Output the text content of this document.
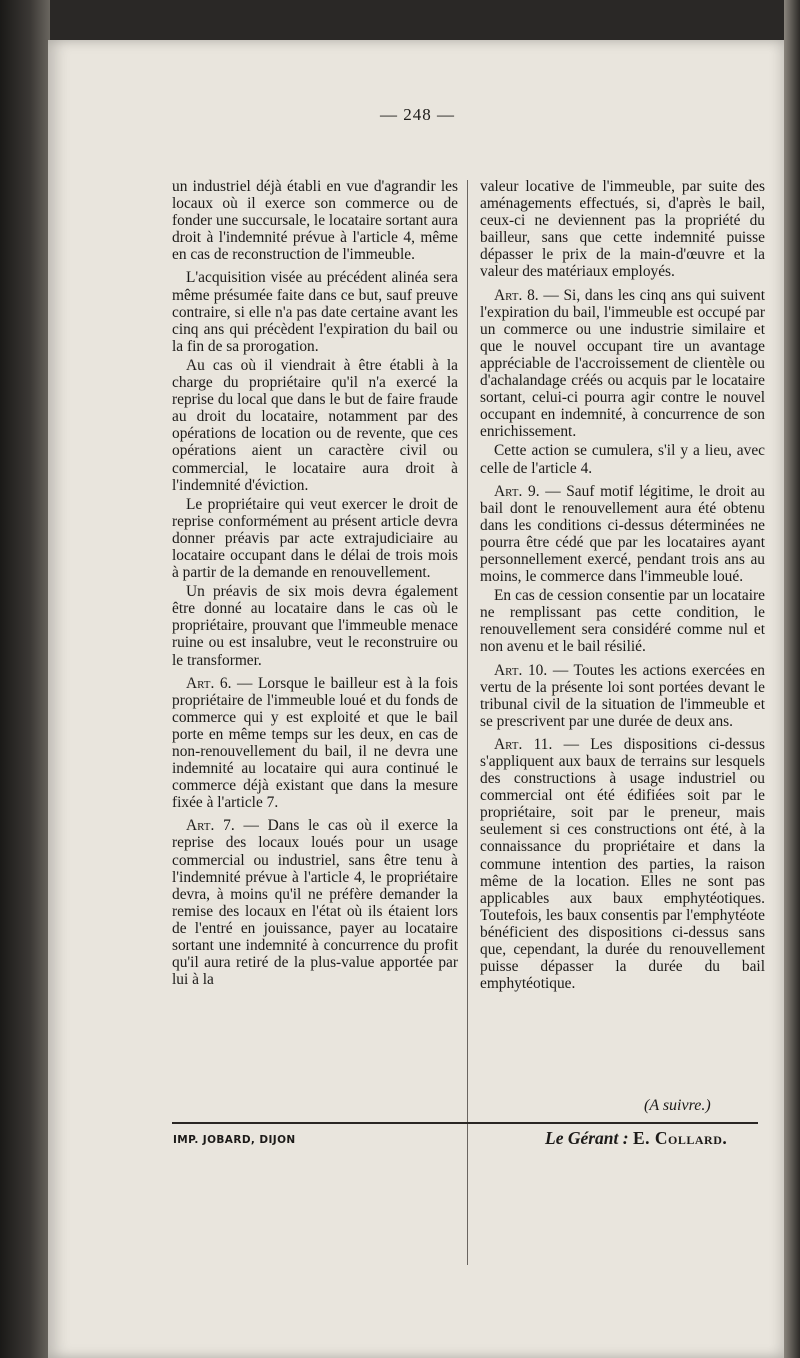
— 248 —

un industriel déjà établi en vue d'agrandir les locaux où il exerce son commerce ou de fonder une succursale, le locataire sortant aura droit à l'indemnité prévue à l'article 4, même en cas de reconstruction de l'immeuble.

L'acquisition visée au précédent alinéa sera même présumée faite dans ce but, sauf preuve contraire, si elle n'a pas date certaine avant les cinq ans qui précèdent l'expiration du bail ou la fin de sa prorogation.

Au cas où il viendrait à être établi à la charge du propriétaire qu'il n'a exercé la reprise du local que dans le but de faire fraude au droit du locataire, notamment par des opérations de location ou de revente, que ces opérations aient un caractère civil ou commercial, le locataire aura droit à l'indemnité d'éviction.

Le propriétaire qui veut exercer le droit de reprise conformément au présent article devra donner préavis par acte extrajudiciaire au locataire occupant dans le délai de trois mois à partir de la demande en renouvellement.

Un préavis de six mois devra également être donné au locataire dans le cas où le propriétaire, prouvant que l'immeuble menace ruine ou est insalubre, veut le reconstruire ou le transformer.

Art. 6. — Lorsque le bailleur est à la fois propriétaire de l'immeuble loué et du fonds de commerce qui y est exploité et que le bail porte en même temps sur les deux, en cas de non-renouvellement du bail, il ne devra une indemnité au locataire qui aura continué le commerce déjà existant que dans la mesure fixée à l'article 7.

Art. 7. — Dans le cas où il exerce la reprise des locaux loués pour un usage commercial ou industriel, sans être tenu à l'indemnité prévue à l'article 4, le propriétaire devra, à moins qu'il ne préfère demander la remise des locaux en l'état où ils étaient lors de l'entré en jouissance, payer au locataire sortant une indemnité à concurrence du profit qu'il aura retiré de la plus-value apportée par lui à la

valeur locative de l'immeuble, par suite des aménagements effectués, si, d'après le bail, ceux-ci ne deviennent pas la propriété du bailleur, sans que cette indemnité puisse dépasser le prix de la main-d'œuvre et la valeur des matériaux employés.

Art. 8. — Si, dans les cinq ans qui suivent l'expiration du bail, l'immeuble est occupé par un commerce ou une industrie similaire et que le nouvel occupant tire un avantage appréciable de l'accroissement de clientèle ou d'achalandage créés ou acquis par le locataire sortant, celui-ci pourra agir contre le nouvel occupant en indemnité, à concurrence de son enrichissement.

Cette action se cumulera, s'il y a lieu, avec celle de l'article 4.

Art. 9. — Sauf motif légitime, le droit au bail dont le renouvellement aura été obtenu dans les conditions ci-dessus déterminées ne pourra être cédé que par les locataires ayant personnellement exercé, pendant trois ans au moins, le commerce dans l'immeuble loué.

En cas de cession consentie par un locataire ne remplissant pas cette condition, le renouvellement sera considéré comme nul et non avenu et le bail résilié.

Art. 10. — Toutes les actions exercées en vertu de la présente loi sont portées devant le tribunal civil de la situation de l'immeuble et se prescrivent par une durée de deux ans.

Art. 11. — Les dispositions ci-dessus s'appliquent aux baux de terrains sur lesquels des constructions à usage industriel ou commercial ont été édifiées soit par le propriétaire, soit par le preneur, mais seulement si ces constructions ont été, à la connaissance du propriétaire et dans la commune intention des parties, la raison même de la location. Elles ne sont pas applicables aux baux emphytéotiques. Toutefois, les baux consentis par l'emphytéote bénéficient des dispositions ci-dessus sans que, cependant, la durée du renouvellement puisse dépasser la durée du bail emphytéotique.

(A suivre.)
IMP. JOBARD, DIJON	Le Gérant : E. Collard.
